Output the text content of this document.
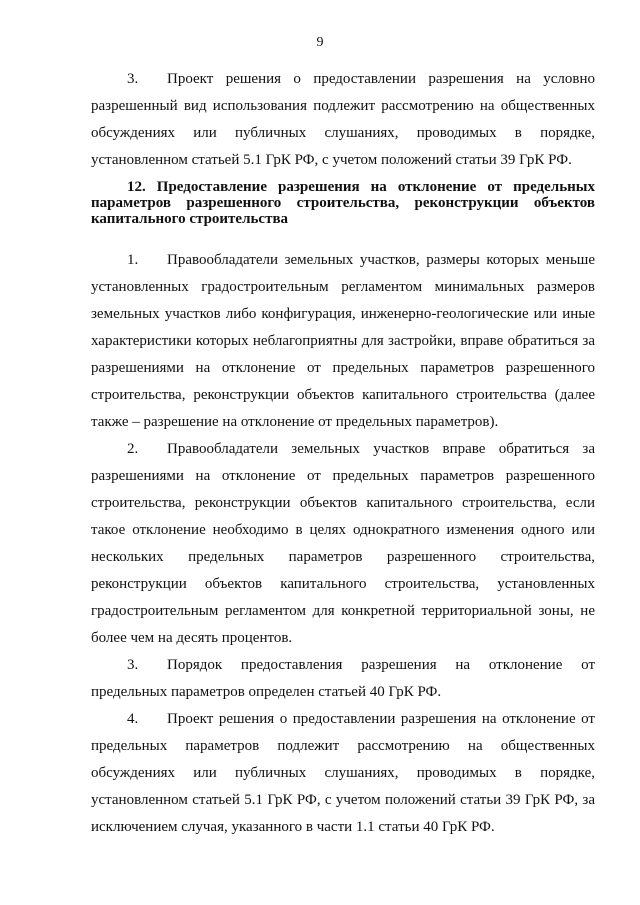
9

3. Проект решения о предоставлении разрешения на условно разрешенный вид использования подлежит рассмотрению на общественных обсуждениях или публичных слушаниях, проводимых в порядке, установленном статьей 5.1 ГрК РФ, с учетом положений статьи 39 ГрК РФ.

12. Предоставление разрешения на отклонение от предельных параметров разрешенного строительства, реконструкции объектов капитального строительства

1. Правообладатели земельных участков, размеры которых меньше установленных градостроительным регламентом минимальных размеров земельных участков либо конфигурация, инженерно-геологические или иные характеристики которых неблагоприятны для застройки, вправе обратиться за разрешениями на отклонение от предельных параметров разрешенного строительства, реконструкции объектов капитального строительства (далее также – разрешение на отклонение от предельных параметров).

2. Правообладатели земельных участков вправе обратиться за разрешениями на отклонение от предельных параметров разрешенного строительства, реконструкции объектов капитального строительства, если такое отклонение необходимо в целях однократного изменения одного или нескольких предельных параметров разрешенного строительства, реконструкции объектов капитального строительства, установленных градостроительным регламентом для конкретной территориальной зоны, не более чем на десять процентов.

3. Порядок предоставления разрешения на отклонение от предельных параметров определен статьей 40 ГрК РФ.

4. Проект решения о предоставлении разрешения на отклонение от предельных параметров подлежит рассмотрению на общественных обсуждениях или публичных слушаниях, проводимых в порядке, установленном статьей 5.1 ГрК РФ, с учетом положений статьи 39 ГрК РФ, за исключением случая, указанного в части 1.1 статьи 40 ГрК РФ.
